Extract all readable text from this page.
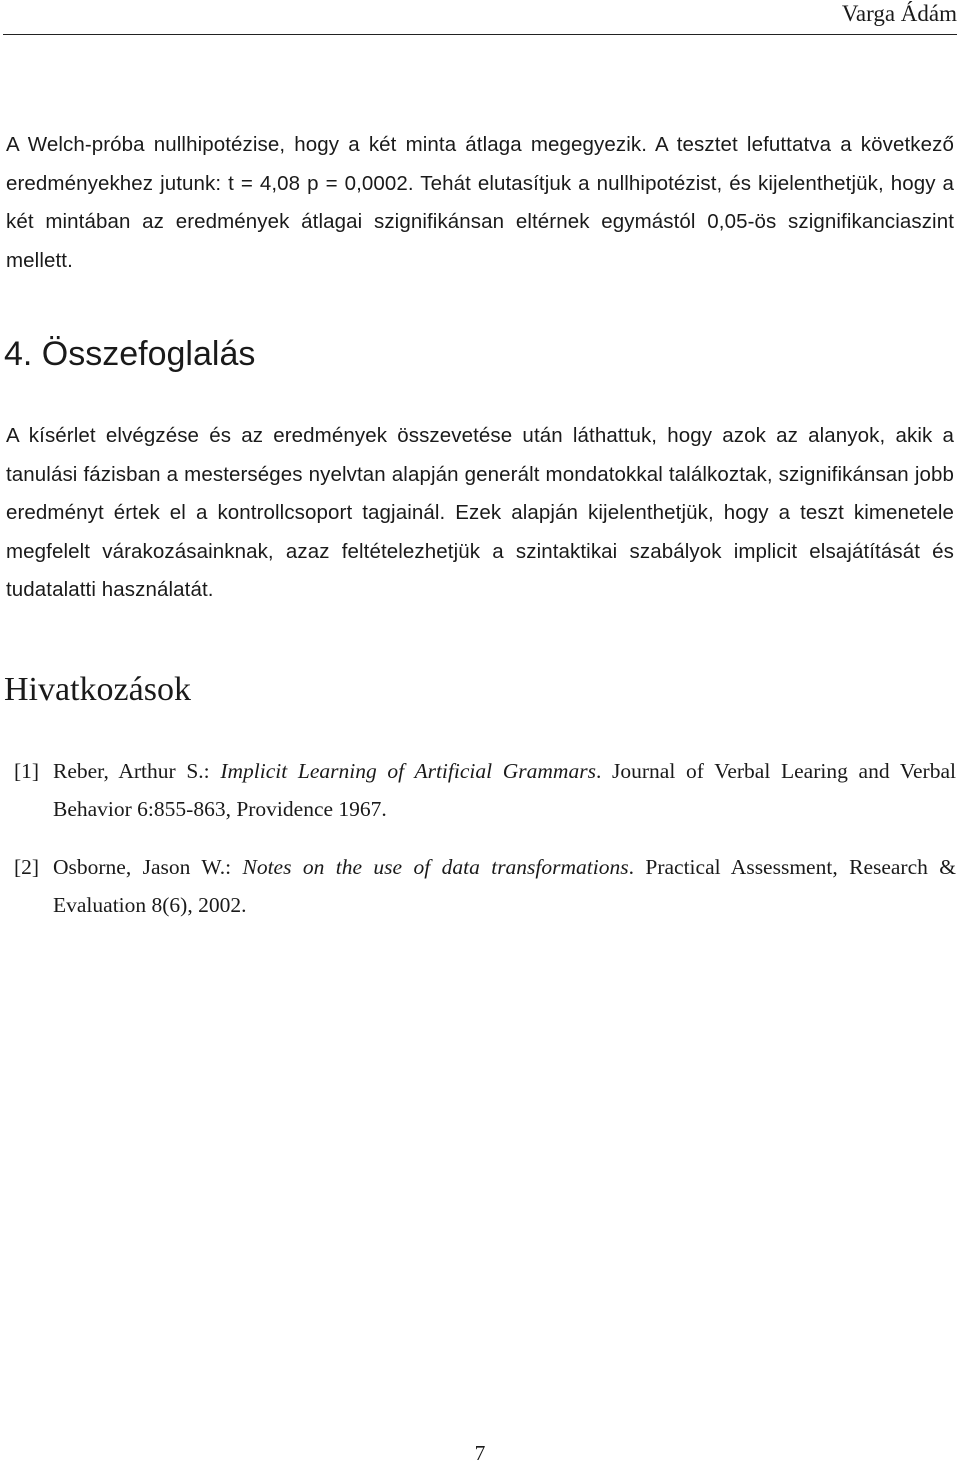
Varga Ádám

A Welch-próba nullhipotézise, hogy a két minta átlaga megegyezik. A tesztet lefuttatva a következő eredményekhez jutunk: t = 4,08 p = 0,0002. Tehát elutasítjuk a nullhipotézist, és kijelenthetjük, hogy a két mintában az eredmények átlagai szignifikánsan eltérnek egymástól 0,05-ös szignifikanciaszint mellett.

4. Összefoglalás

A kísérlet elvégzése és az eredmények összevetése után láthattuk, hogy azok az alanyok, akik a tanulási fázisban a mesterséges nyelvtan alapján generált mondatokkal találkoztak, szignifikánsan jobb eredményt értek el a kontrollcsoport tagjainál. Ezek alapján kijelenthetjük, hogy a teszt kimenetele megfelelt várakozásainknak, azaz feltételezhetjük a szintaktikai szabályok implicit elsajátítását és tudatalatti használatát.

Hivatkozások
[1] Reber, Arthur S.: Implicit Learning of Artificial Grammars. Journal of Verbal Learing and Verbal Behavior 6:855-863, Providence 1967.
[2] Osborne, Jason W.: Notes on the use of data transformations. Practical Assessment, Research & Evaluation 8(6), 2002.
7
